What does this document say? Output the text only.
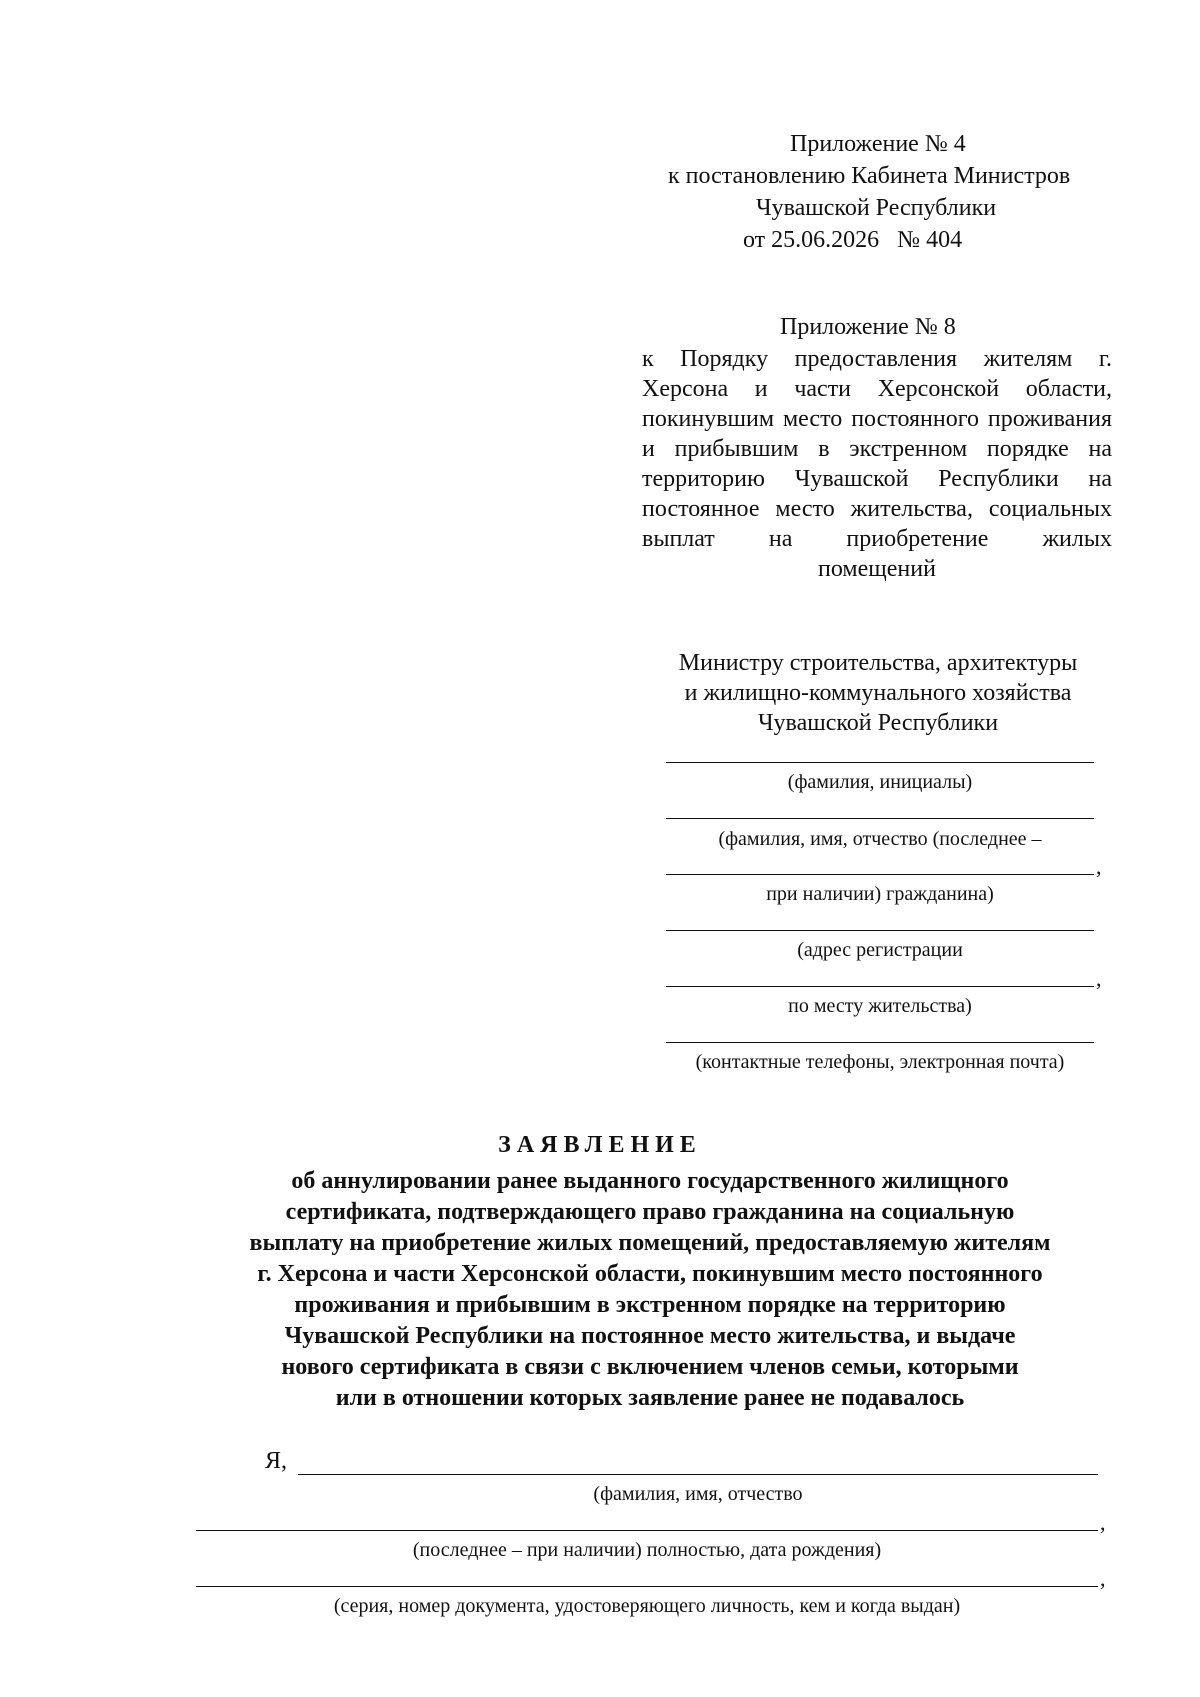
Приложение № 4
к постановлению Кабинета Министров
Чувашской Республики
от 25.06.2026   № 404
Приложение № 8
к Порядку предоставления жителям г. Херсона и части Херсонской области, покинувшим место постоянного проживания и прибывшим в экстренном порядке на территорию Чувашской Республики на постоянное место жительства, социальных выплат на приобретение жилых
помещений
Министру строительства, архитектуры
и жилищно-коммунального хозяйства
Чувашской Республики
(фамилия, инициалы)
(фамилия, имя, отчество (последнее –
,
при наличии) гражданина)
(адрес регистрации
,
по месту жительства)
(контактные телефоны, электронная почта)
ЗАЯВЛЕНИЕ
об аннулировании ранее выданного государственного жилищного
сертификата, подтверждающего право гражданина на социальную
выплату на приобретение жилых помещений, предоставляемую жителям
г. Херсона и части Херсонской области, покинувшим место постоянного
проживания и прибывшим в экстренном порядке на территорию
Чувашской Республики на постоянное место жительства, и выдаче
нового сертификата в связи с включением членов семьи, которыми
или в отношении которых заявление ранее не подавалось
Я,
(фамилия, имя, отчество
,
(последнее – при наличии) полностью, дата рождения)
,
(серия, номер документа, удостоверяющего личность, кем и когда выдан)
